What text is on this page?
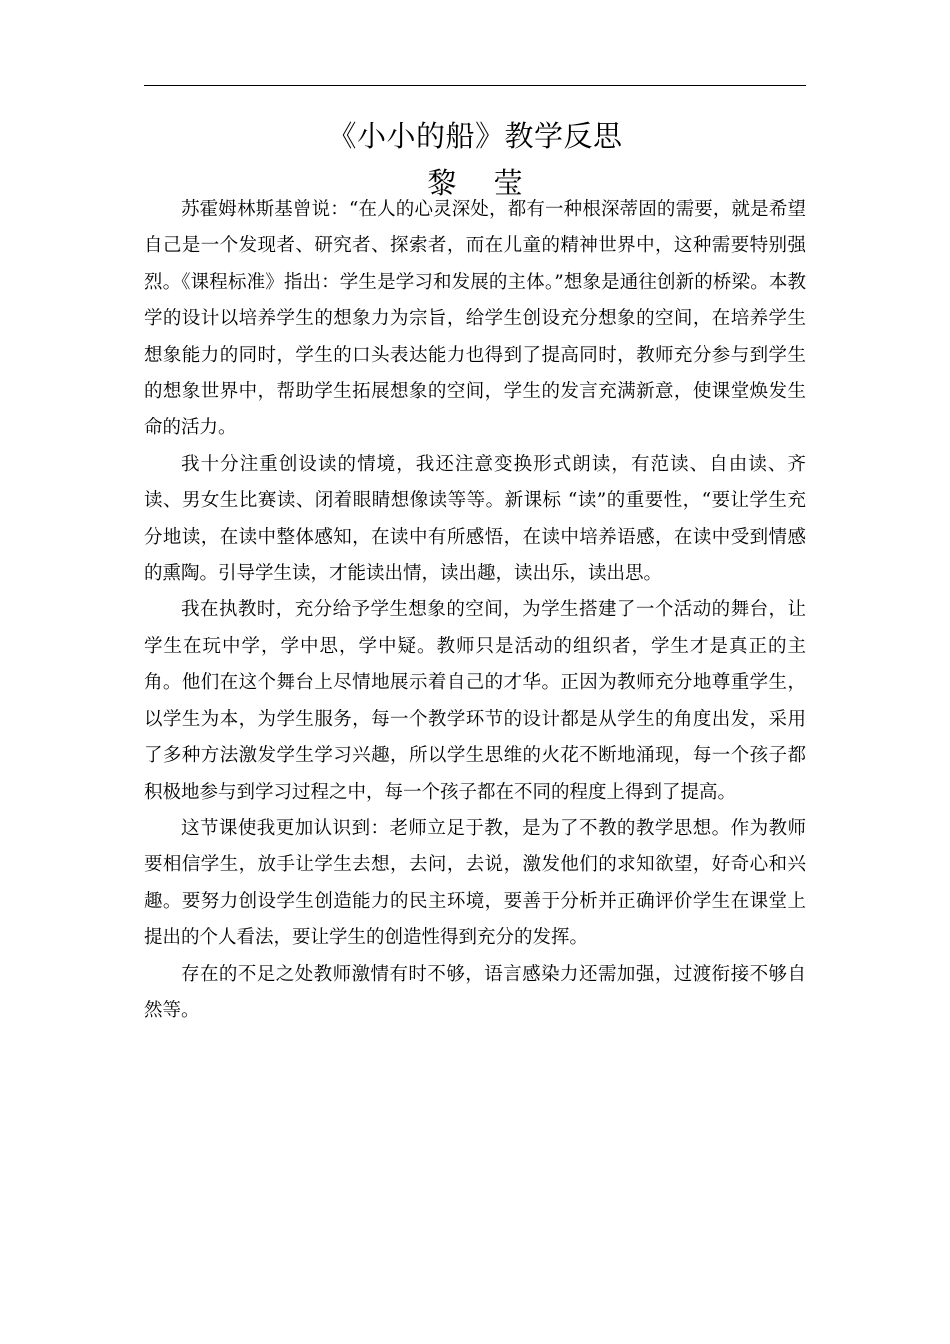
《小小的船》教学反思
黎 莹

苏霍姆林斯基曾说：“在人的心灵深处，都有一种根深蒂固的需要，就是希望自己是一个发现者、研究者、探索者，而在儿童的精神世界中，这种需要特别强烈。《课程标准》指出：学生是学习和发展的主体。”想象是通往创新的桥梁。本教学的设计以培养学生的想象力为宗旨，给学生创设充分想象的空间，在培养学生想象能力的同时，学生的口头表达能力也得到了提高同时，教师充分参与到学生的想象世界中，帮助学生拓展想象的空间，学生的发言充满新意，使课堂焕发生命的活力。

我十分注重创设读的情境，我还注意变换形式朗读，有范读、自由读、齐读、男女生比赛读、闭着眼睛想像读等等。新课标 “读”的重要性，“要让学生充分地读，在读中整体感知，在读中有所感悟，在读中培养语感，在读中受到情感的熏陶。引导学生读，才能读出情，读出趣，读出乐，读出思。

我在执教时，充分给予学生想象的空间，为学生搭建了一个活动的舞台，让学生在玩中学，学中思，学中疑。教师只是活动的组织者，学生才是真正的主角。他们在这个舞台上尽情地展示着自己的才华。正因为教师充分地尊重学生，以学生为本，为学生服务，每一个教学环节的设计都是从学生的角度出发，采用了多种方法激发学生学习兴趣，所以学生思维的火花不断地涌现，每一个孩子都积极地参与到学习过程之中，每一个孩子都在不同的程度上得到了提高。

这节课使我更加认识到：老师立足于教，是为了不教的教学思想。作为教师要相信学生，放手让学生去想，去问，去说，激发他们的求知欲望，好奇心和兴趣。要努力创设学生创造能力的民主环境，要善于分析并正确评价学生在课堂上提出的个人看法，要让学生的创造性得到充分的发挥。

存在的不足之处教师激情有时不够，语言感染力还需加强，过渡衔接不够自然等。
